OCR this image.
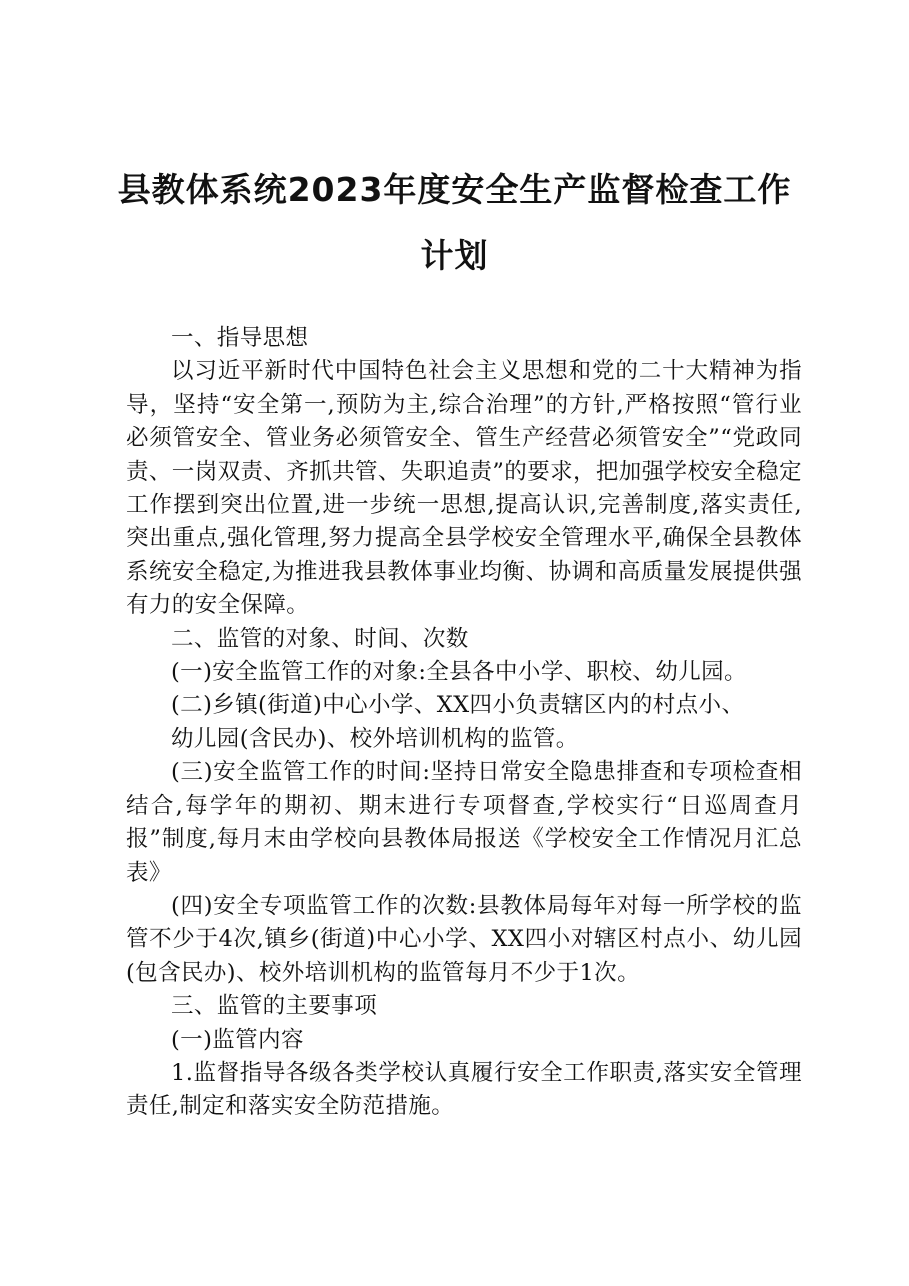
县教体系统2023年度安全生产监督检查工作
计划

一、指导思想

以习近平新时代中国特色社会主义思想和党的二十大精神为指导，坚持“安全第一,预防为主,综合治理”的方针,严格按照“管行业必须管安全、管业务必须管安全、管生产经营必须管安全”“党政同责、一岗双责、齐抓共管、失职追责”的要求，把加强学校安全稳定工作摆到突出位置,进一步统一思想,提高认识,完善制度,落实责任,突出重点,强化管理,努力提高全县学校安全管理水平,确保全县教体系统安全稳定,为推进我县教体事业均衡、协调和高质量发展提供强有力的安全保障。

二、监管的对象、时间、次数

(一)安全监管工作的对象:全县各中小学、职校、幼儿园。

(二)乡镇(街道)中心小学、XX四小负责辖区内的村点小、

幼儿园(含民办)、校外培训机构的监管。

(三)安全监管工作的时间:坚持日常安全隐患排查和专项检查相结合,每学年的期初、期末进行专项督查,学校实行“日巡周查月报”制度,每月末由学校向县教体局报送《学校安全工作情况月汇总表》

(四)安全专项监管工作的次数:县教体局每年对每一所学校的监管不少于4次,镇乡(街道)中心小学、XX四小对辖区村点小、幼儿园(包含民办)、校外培训机构的监管每月不少于1次。

三、监管的主要事项

(一)监管内容

1.监督指导各级各类学校认真履行安全工作职责,落实安全管理责任,制定和落实安全防范措施。
